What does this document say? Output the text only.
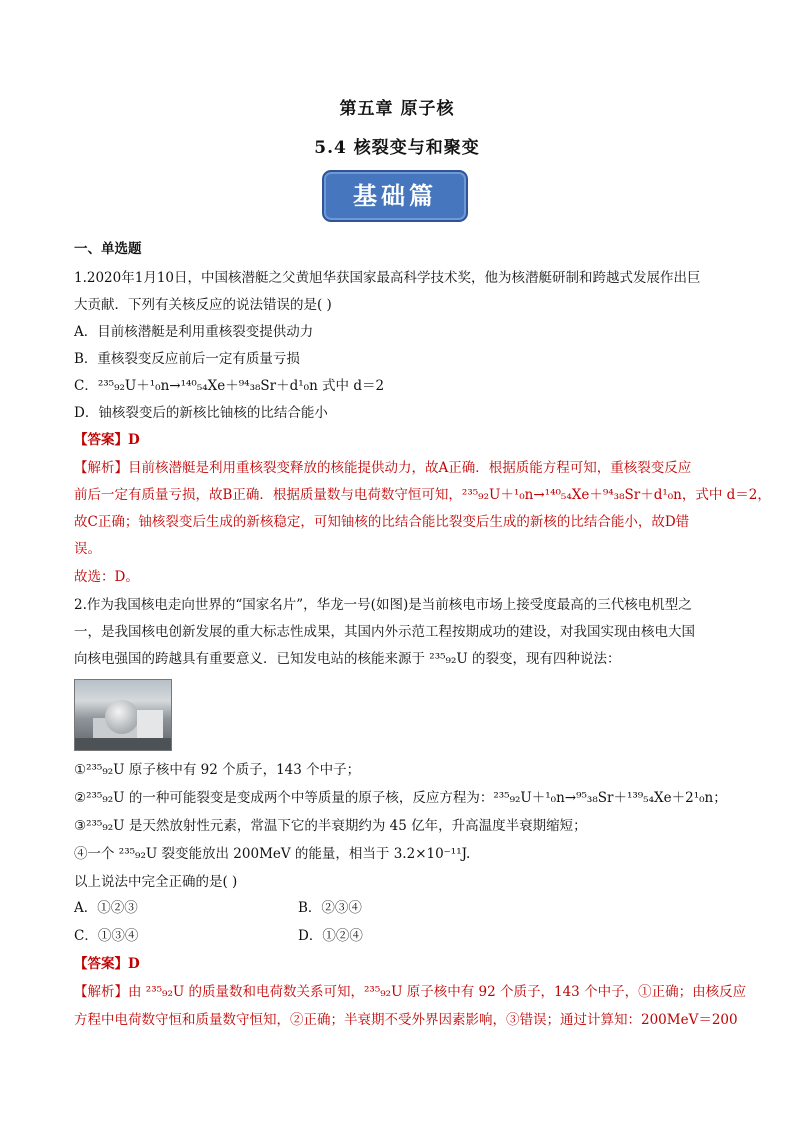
第五章 原子核
5.4 核裂变与和聚变
基础篇
一、单选题
1.2020年1月10日，中国核潜艇之父黄旭华获国家最高科学技术奖，他为核潜艇研制和跨越式发展作出巨
大贡献．下列有关核反应的说法错误的是( )
A．目前核潜艇是利用重核裂变提供动力
B．重核裂变反应前后一定有质量亏损
C．²³⁵₉₂U＋¹₀n→¹⁴⁰₅₄Xe＋⁹⁴₃₈Sr＋d¹₀n 式中 d＝2
D．铀核裂变后的新核比铀核的比结合能小
【答案】D
【解析】目前核潜艇是利用重核裂变释放的核能提供动力，故A正确．根据质能方程可知，重核裂变反应
前后一定有质量亏损，故B正确．根据质量数与电荷数守恒可知，²³⁵₉₂U＋¹₀n→¹⁴⁰₅₄Xe＋⁹⁴₃₈Sr＋d¹₀n，式中 d＝2，
故C正确；铀核裂变后生成的新核稳定，可知铀核的比结合能比裂变后生成的新核的比结合能小，故D错
误。
故选：D。
2.作为我国核电走向世界的“国家名片”，华龙一号(如图)是当前核电市场上接受度最高的三代核电机型之
一，是我国核电创新发展的重大标志性成果，其国内外示范工程按期成功的建设，对我国实现由核电大国
向核电强国的跨越具有重要意义．已知发电站的核能来源于 ²³⁵₉₂U 的裂变，现有四种说法：
①²³⁵₉₂U 原子核中有 92 个质子，143 个中子；
②²³⁵₉₂U 的一种可能裂变是变成两个中等质量的原子核，反应方程为：²³⁵₉₂U＋¹₀n→⁹⁵₃₈Sr＋¹³⁹₅₄Xe＋2¹₀n；
③²³⁵₉₂U 是天然放射性元素，常温下它的半衰期约为 45 亿年，升高温度半衰期缩短；
④一个 ²³⁵₉₂U 裂变能放出 200MeV 的能量，相当于 3.2×10⁻¹¹J.
以上说法中完全正确的是( )
A．①②③	B．②③④
C．①③④	D．①②④
【答案】D
【解析】由 ²³⁵₉₂U 的质量数和电荷数关系可知，²³⁵₉₂U 原子核中有 92 个质子，143 个中子，①正确；由核反应
方程中电荷数守恒和质量数守恒知，②正确；半衰期不受外界因素影响，③错误；通过计算知：200MeV＝200
